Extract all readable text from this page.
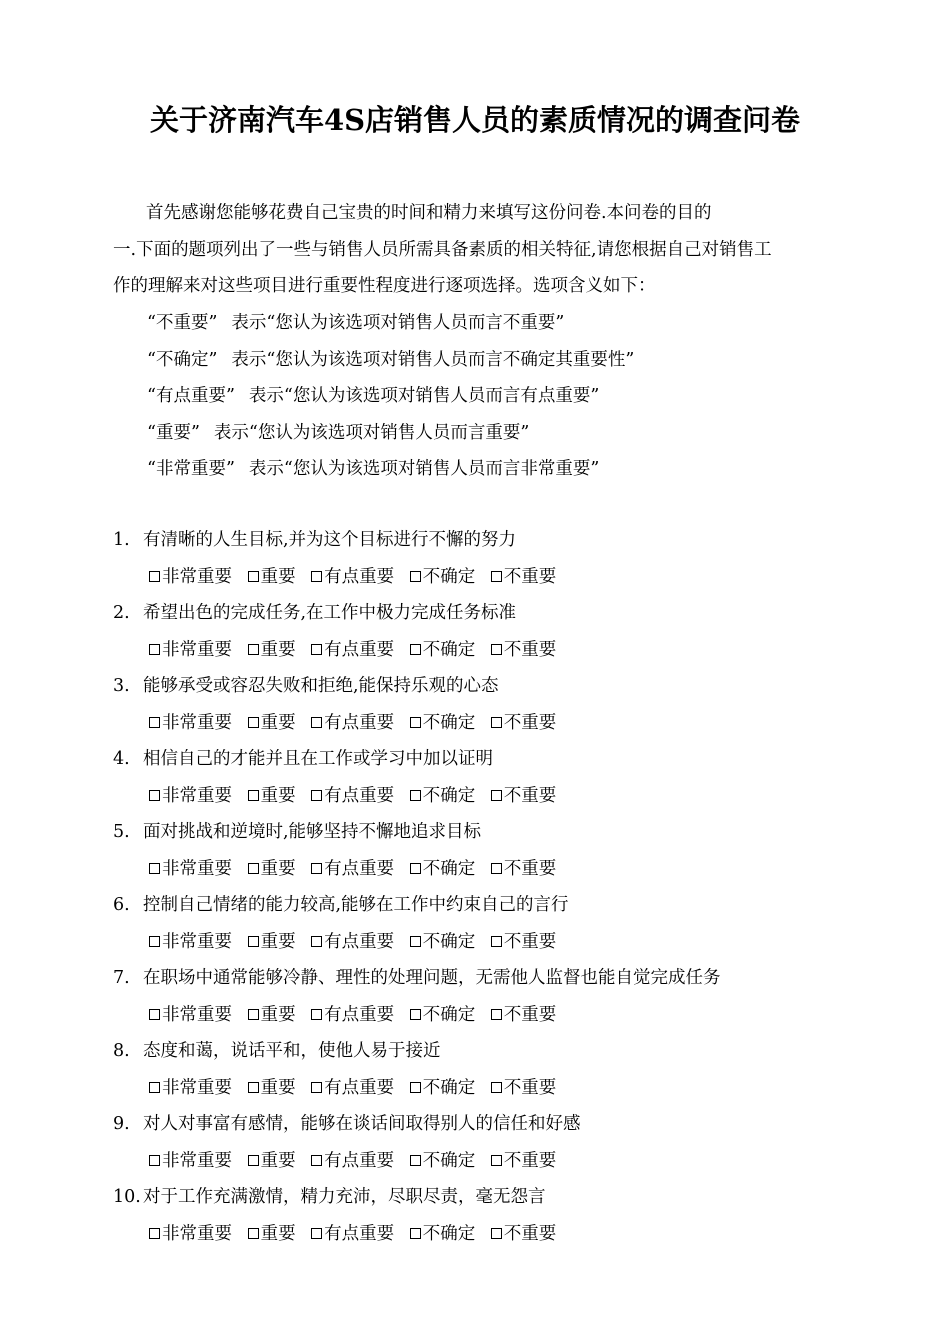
关于济南汽车4S店销售人员的素质情况的调查问卷

首先感谢您能够花费自己宝贵的时间和精力来填写这份问卷.本问卷的目的

一.下面的题项列出了一些与销售人员所需具备素质的相关特征,请您根据自己对销售工

作的理解来对这些项目进行重要性程度进行逐项选择。选项含义如下：

“不重要” 表示“您认为该选项对销售人员而言不重要”
“不确定” 表示“您认为该选项对销售人员而言不确定其重要性”
“有点重要” 表示“您认为该选项对销售人员而言有点重要”
“重要” 表示“您认为该选项对销售人员而言重要”
“非常重要” 表示“您认为该选项对销售人员而言非常重要”
1. 有清晰的人生目标,并为这个目标进行不懈的努力
非常重要 重要 有点重要 不确定 不重要
2. 希望出色的完成任务,在工作中极力完成任务标准
非常重要 重要 有点重要 不确定 不重要
3. 能够承受或容忍失败和拒绝,能保持乐观的心态
非常重要 重要 有点重要 不确定 不重要
4. 相信自己的才能并且在工作或学习中加以证明
非常重要 重要 有点重要 不确定 不重要
5. 面对挑战和逆境时,能够坚持不懈地追求目标
非常重要 重要 有点重要 不确定 不重要
6. 控制自己情绪的能力较高,能够在工作中约束自己的言行
非常重要 重要 有点重要 不确定 不重要
7. 在职场中通常能够冷静、理性的处理问题，无需他人监督也能自觉完成任务
非常重要 重要 有点重要 不确定 不重要
8. 态度和蔼，说话平和，使他人易于接近
非常重要 重要 有点重要 不确定 不重要
9. 对人对事富有感情，能够在谈话间取得别人的信任和好感
非常重要 重要 有点重要 不确定 不重要
10. 对于工作充满激情，精力充沛，尽职尽责，毫无怨言
非常重要 重要 有点重要 不确定 不重要
